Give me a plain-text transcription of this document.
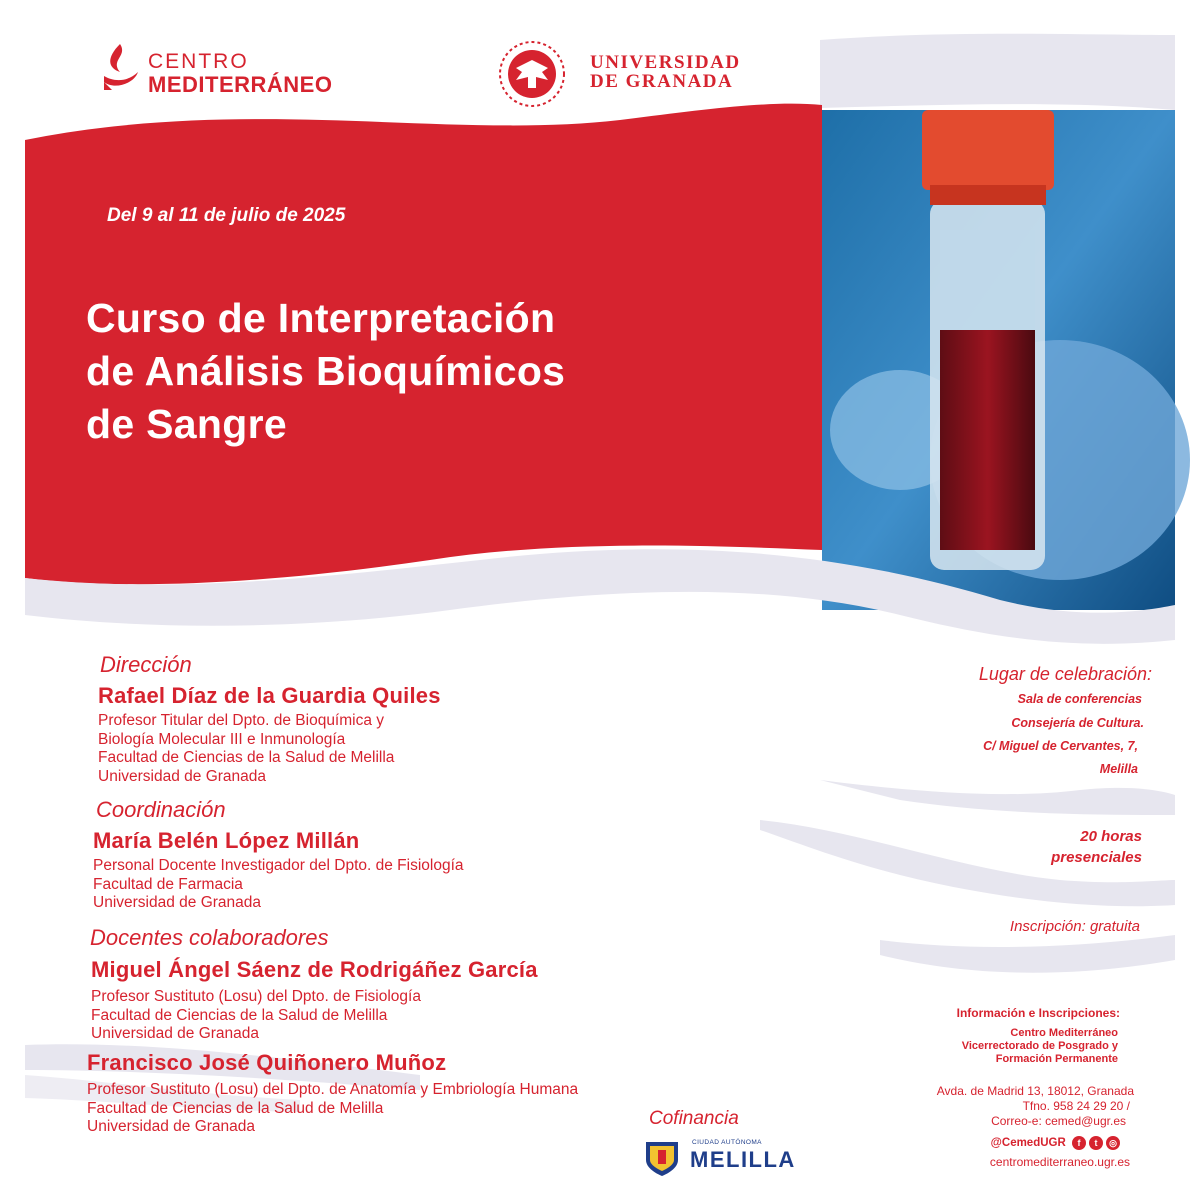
CENTRO
MEDITERRÁNEO
UNIVERSIDAD
DE GRANADA
Del 9 al 11 de julio de 2025
Curso de Interpretación
de Análisis Bioquímicos
de Sangre
Dirección
Rafael Díaz de la Guardia Quiles
Profesor Titular del Dpto. de Bioquímica y
Biología Molecular III e Inmunología
Facultad de Ciencias de la Salud de Melilla
Universidad de Granada
Coordinación
María Belén López Millán
Personal Docente Investigador del Dpto. de Fisiología
Facultad de Farmacia
Universidad de Granada
Docentes colaboradores
Miguel Ángel Sáenz de Rodrigáñez García
Profesor Sustituto (Losu) del Dpto. de Fisiología
Facultad de Ciencias de la Salud de Melilla
Universidad de Granada
Francisco José Quiñonero Muñoz
Profesor Sustituto (Losu) del Dpto. de Anatomía y Embriología Humana
Facultad de Ciencias de la Salud de Melilla
Universidad de Granada
Lugar de celebración:
Sala de conferencias
Consejería de Cultura.
C/ Miguel de Cervantes, 7,
Melilla
20 horas
presenciales
Inscripción: gratuita
Información e Inscripciones:
Centro Mediterráneo
Vicerrectorado de Posgrado y
Formación Permanente
Avda. de Madrid 13, 18012, Granada
Tfno. 958 24 29 20 /
Correo-e: cemed@ugr.es
@CemedUGR f t ◎
centromediterraneo.ugr.es
Cofinancia
CIUDAD AUTÓNOMA
MELILLA
